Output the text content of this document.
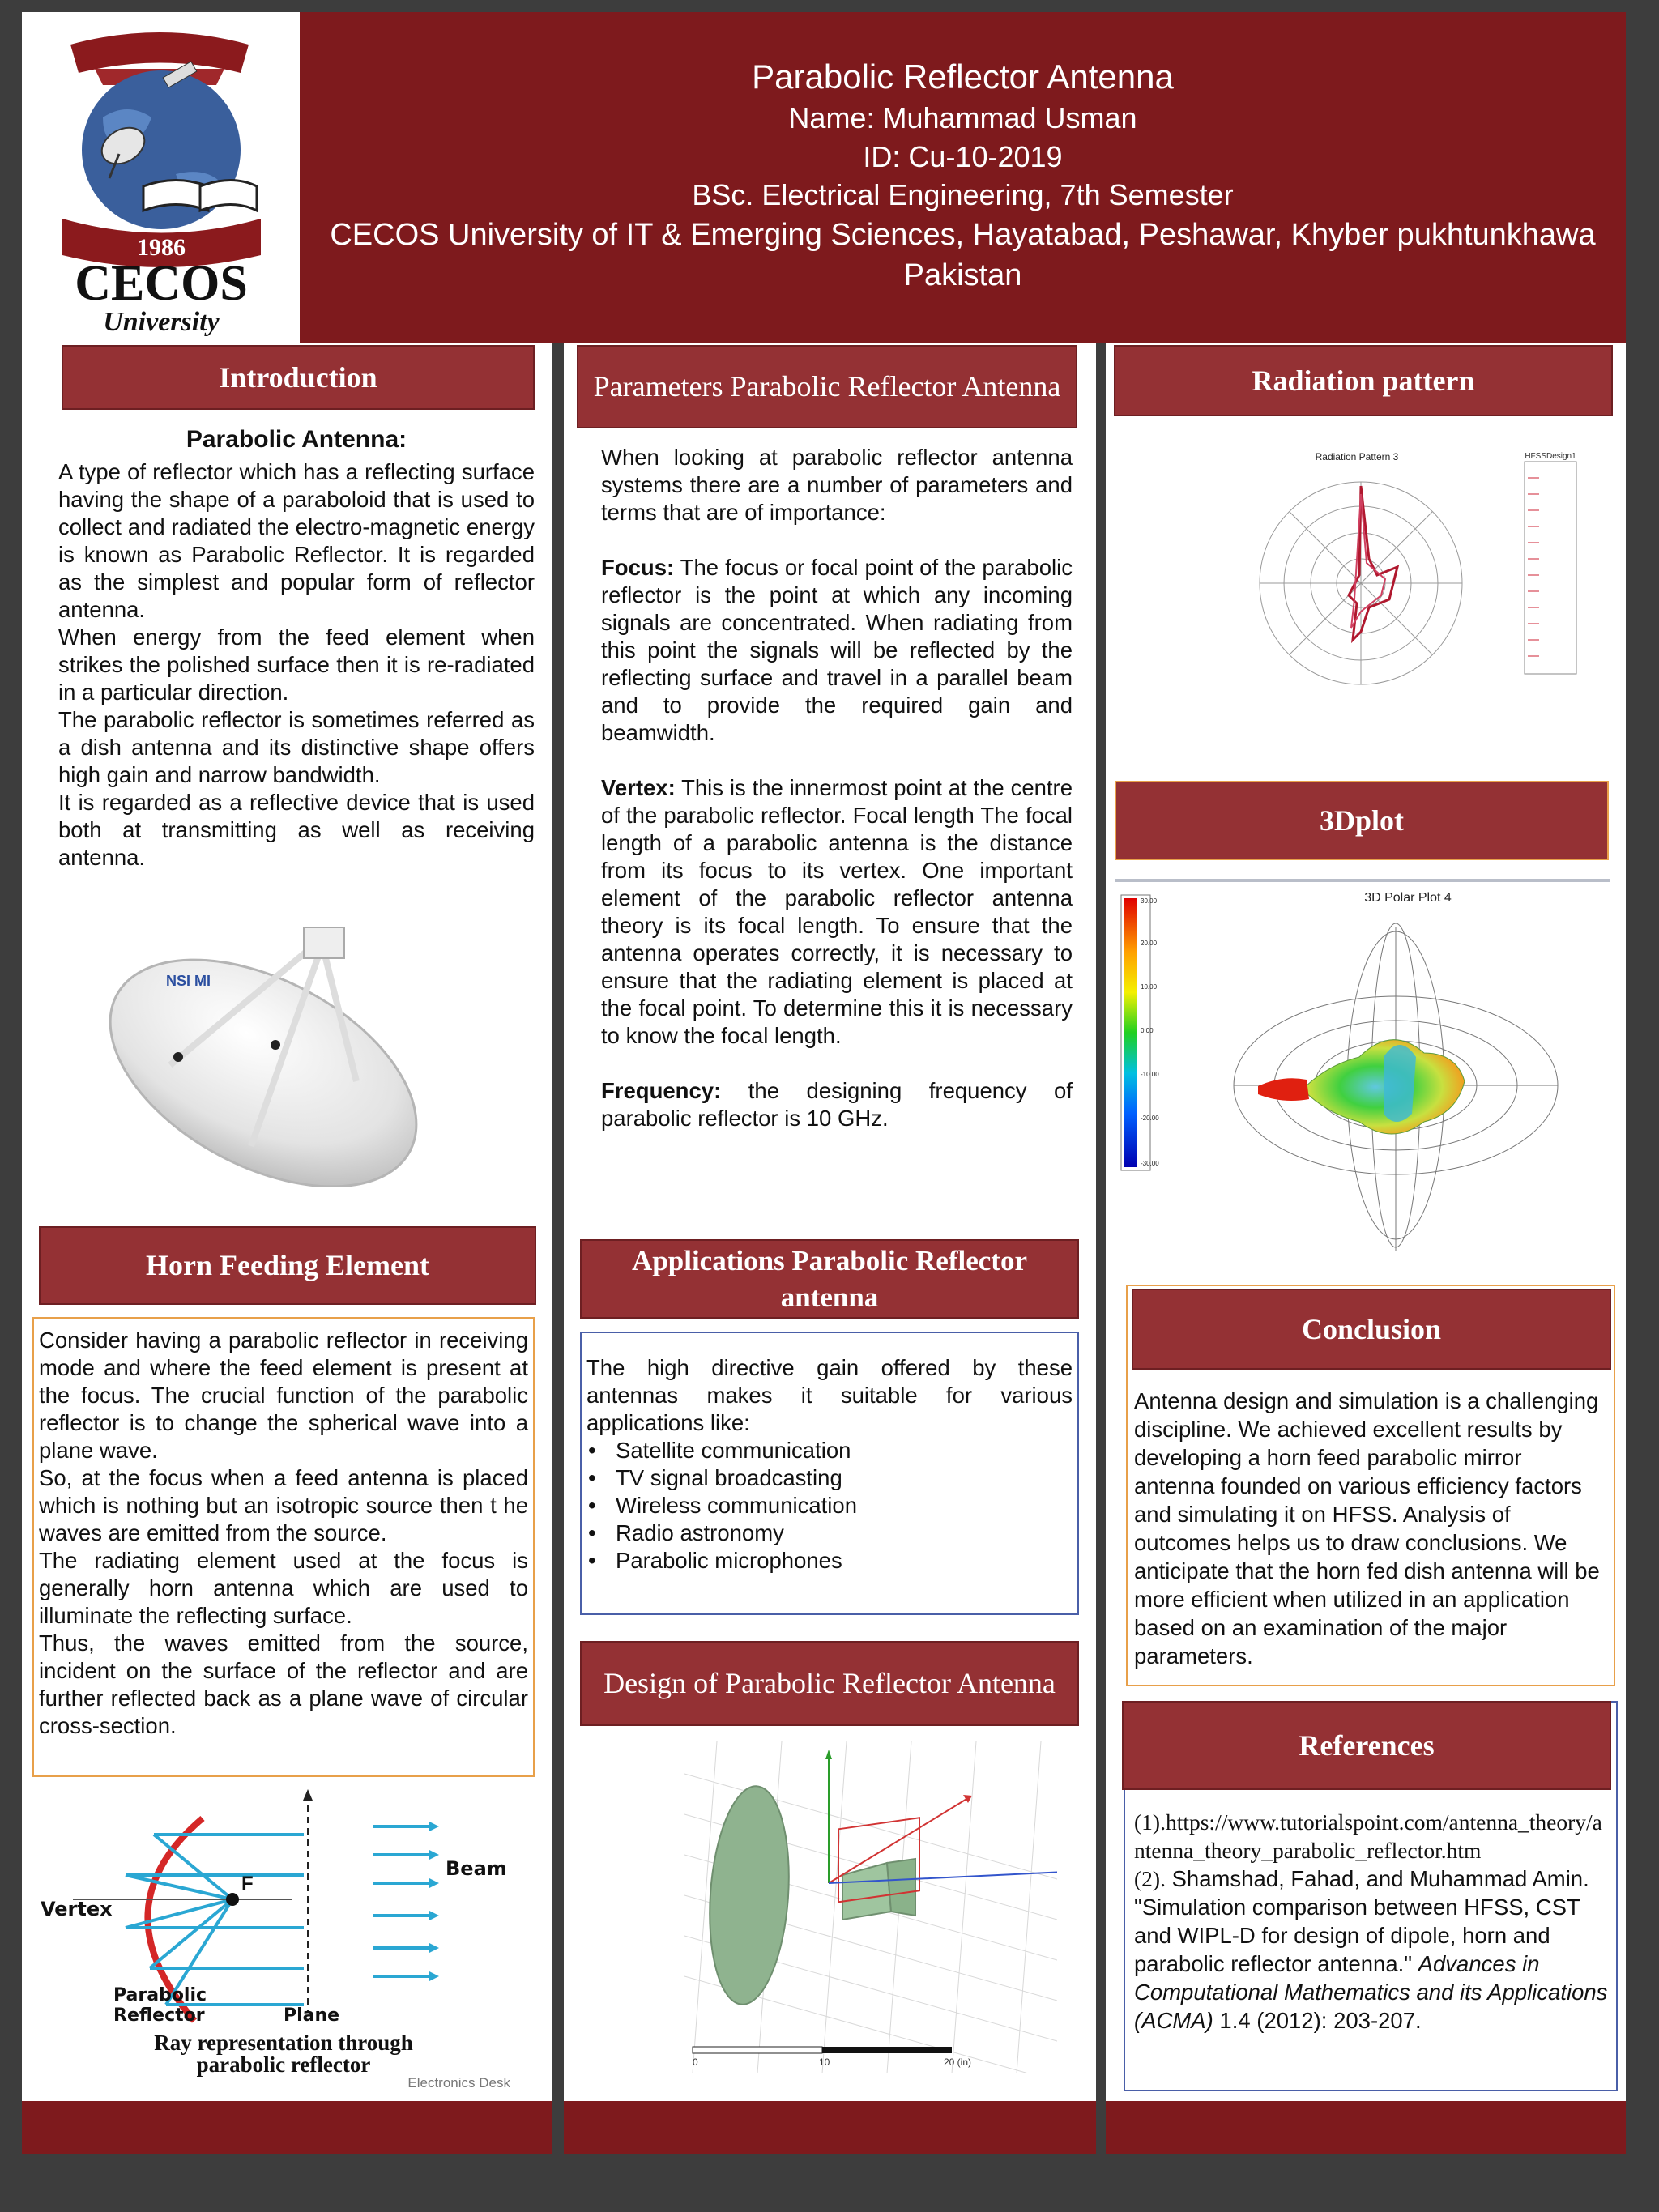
1986
CECOS
University
Parabolic Reflector Antenna
Name: Muhammad Usman
ID: Cu-10-2019
BSc. Electrical Engineering, 7th Semester
CECOS University of IT & Emerging Sciences, Hayatabad, Peshawar, Khyber pukhtunkhawa Pakistan
Introduction
Parabolic Antenna:

A type of reflector which has a reflecting surface having the shape of a paraboloid that is used to collect and radiated the electro-magnetic energy is known as Parabolic Reflector. It is regarded as the simplest and popular form of reflector antenna.

When energy from the feed element when strikes the polished surface then it is re-radiated in a particular direction.

The parabolic reflector is sometimes referred as a dish antenna and its distinctive shape offers high gain and narrow bandwidth.

It is regarded as a reflective device that is used both at transmitting as well as receiving antenna.

NSI MI
Horn Feeding Element

Consider having a parabolic reflector in receiving mode and where the feed element is present at the focus. The crucial function of the parabolic reflector is to change the spherical wave into a plane wave.

So, at the focus when a feed antenna is placed which is nothing but an isotropic source then t he waves are emitted from the source.

The radiating element used at the focus is generally horn antenna which are used to illuminate the reflecting surface.

Thus, the waves emitted from the source, incident on the surface of the reflector and are further reflected back as a plane wave of circular cross-section.

F
Beam
Vertex
Parabolic
Reflector	Plane
Ray representation through
parabolic reflector
Electronics Desk
Parameters Parabolic Reflector Antenna

When looking at parabolic reflector antenna systems there are a number of parameters and terms that are of importance:

Focus: The focus or focal point of the parabolic reflector is the point at which any incoming signals are concentrated. When radiating from this point the signals will be reflected by the reflecting surface and travel in a parallel beam and to provide the required gain and beamwidth.

Vertex: This is the innermost point at the centre of the parabolic reflector. Focal length The focal length of a parabolic antenna is the distance from its focus to its vertex. One important element of the parabolic reflector antenna theory is its focal length. To ensure that the antenna operates correctly, it is necessary to ensure that the radiating element is placed at the focal point. To determine this it is necessary to know the focal length.

Frequency: the designing frequency of parabolic reflector is 10 GHz.

Applications Parabolic Reflector antenna

The high directive gain offered by these antennas makes it suitable for various applications like:

• Satellite communication
• TV signal broadcasting
• Wireless communication
• Radio astronomy
• Parabolic microphones
Design of Parabolic Reflector Antenna
0	10	20 (in)
Radiation pattern
Radiation Pattern 3	HFSSDesign1
3Dplot
30.00
20.00
10.00
0.00
-10.00
-20.00
-30.00
3D Polar Plot 4
Conclusion
Antenna design and simulation is a challenging discipline. We achieved excellent results by developing a horn feed parabolic mirror antenna founded on various efficiency factors and simulating it on HFSS. Analysis of outcomes helps us to draw conclusions. We anticipate that the horn fed dish antenna will be more efficient when utilized in an application based on an examination of the major parameters.
References
(1).https://www.tutorialspoint.com/antenna_theory/antenna_theory_parabolic_reflector.htm
(2). Shamshad, Fahad, and Muhammad Amin. "Simulation comparison between HFSS, CST and WIPL-D for design of dipole, horn and parabolic reflector antenna." Advances in Computational Mathematics and its Applications (ACMA) 1.4 (2012): 203-207.
